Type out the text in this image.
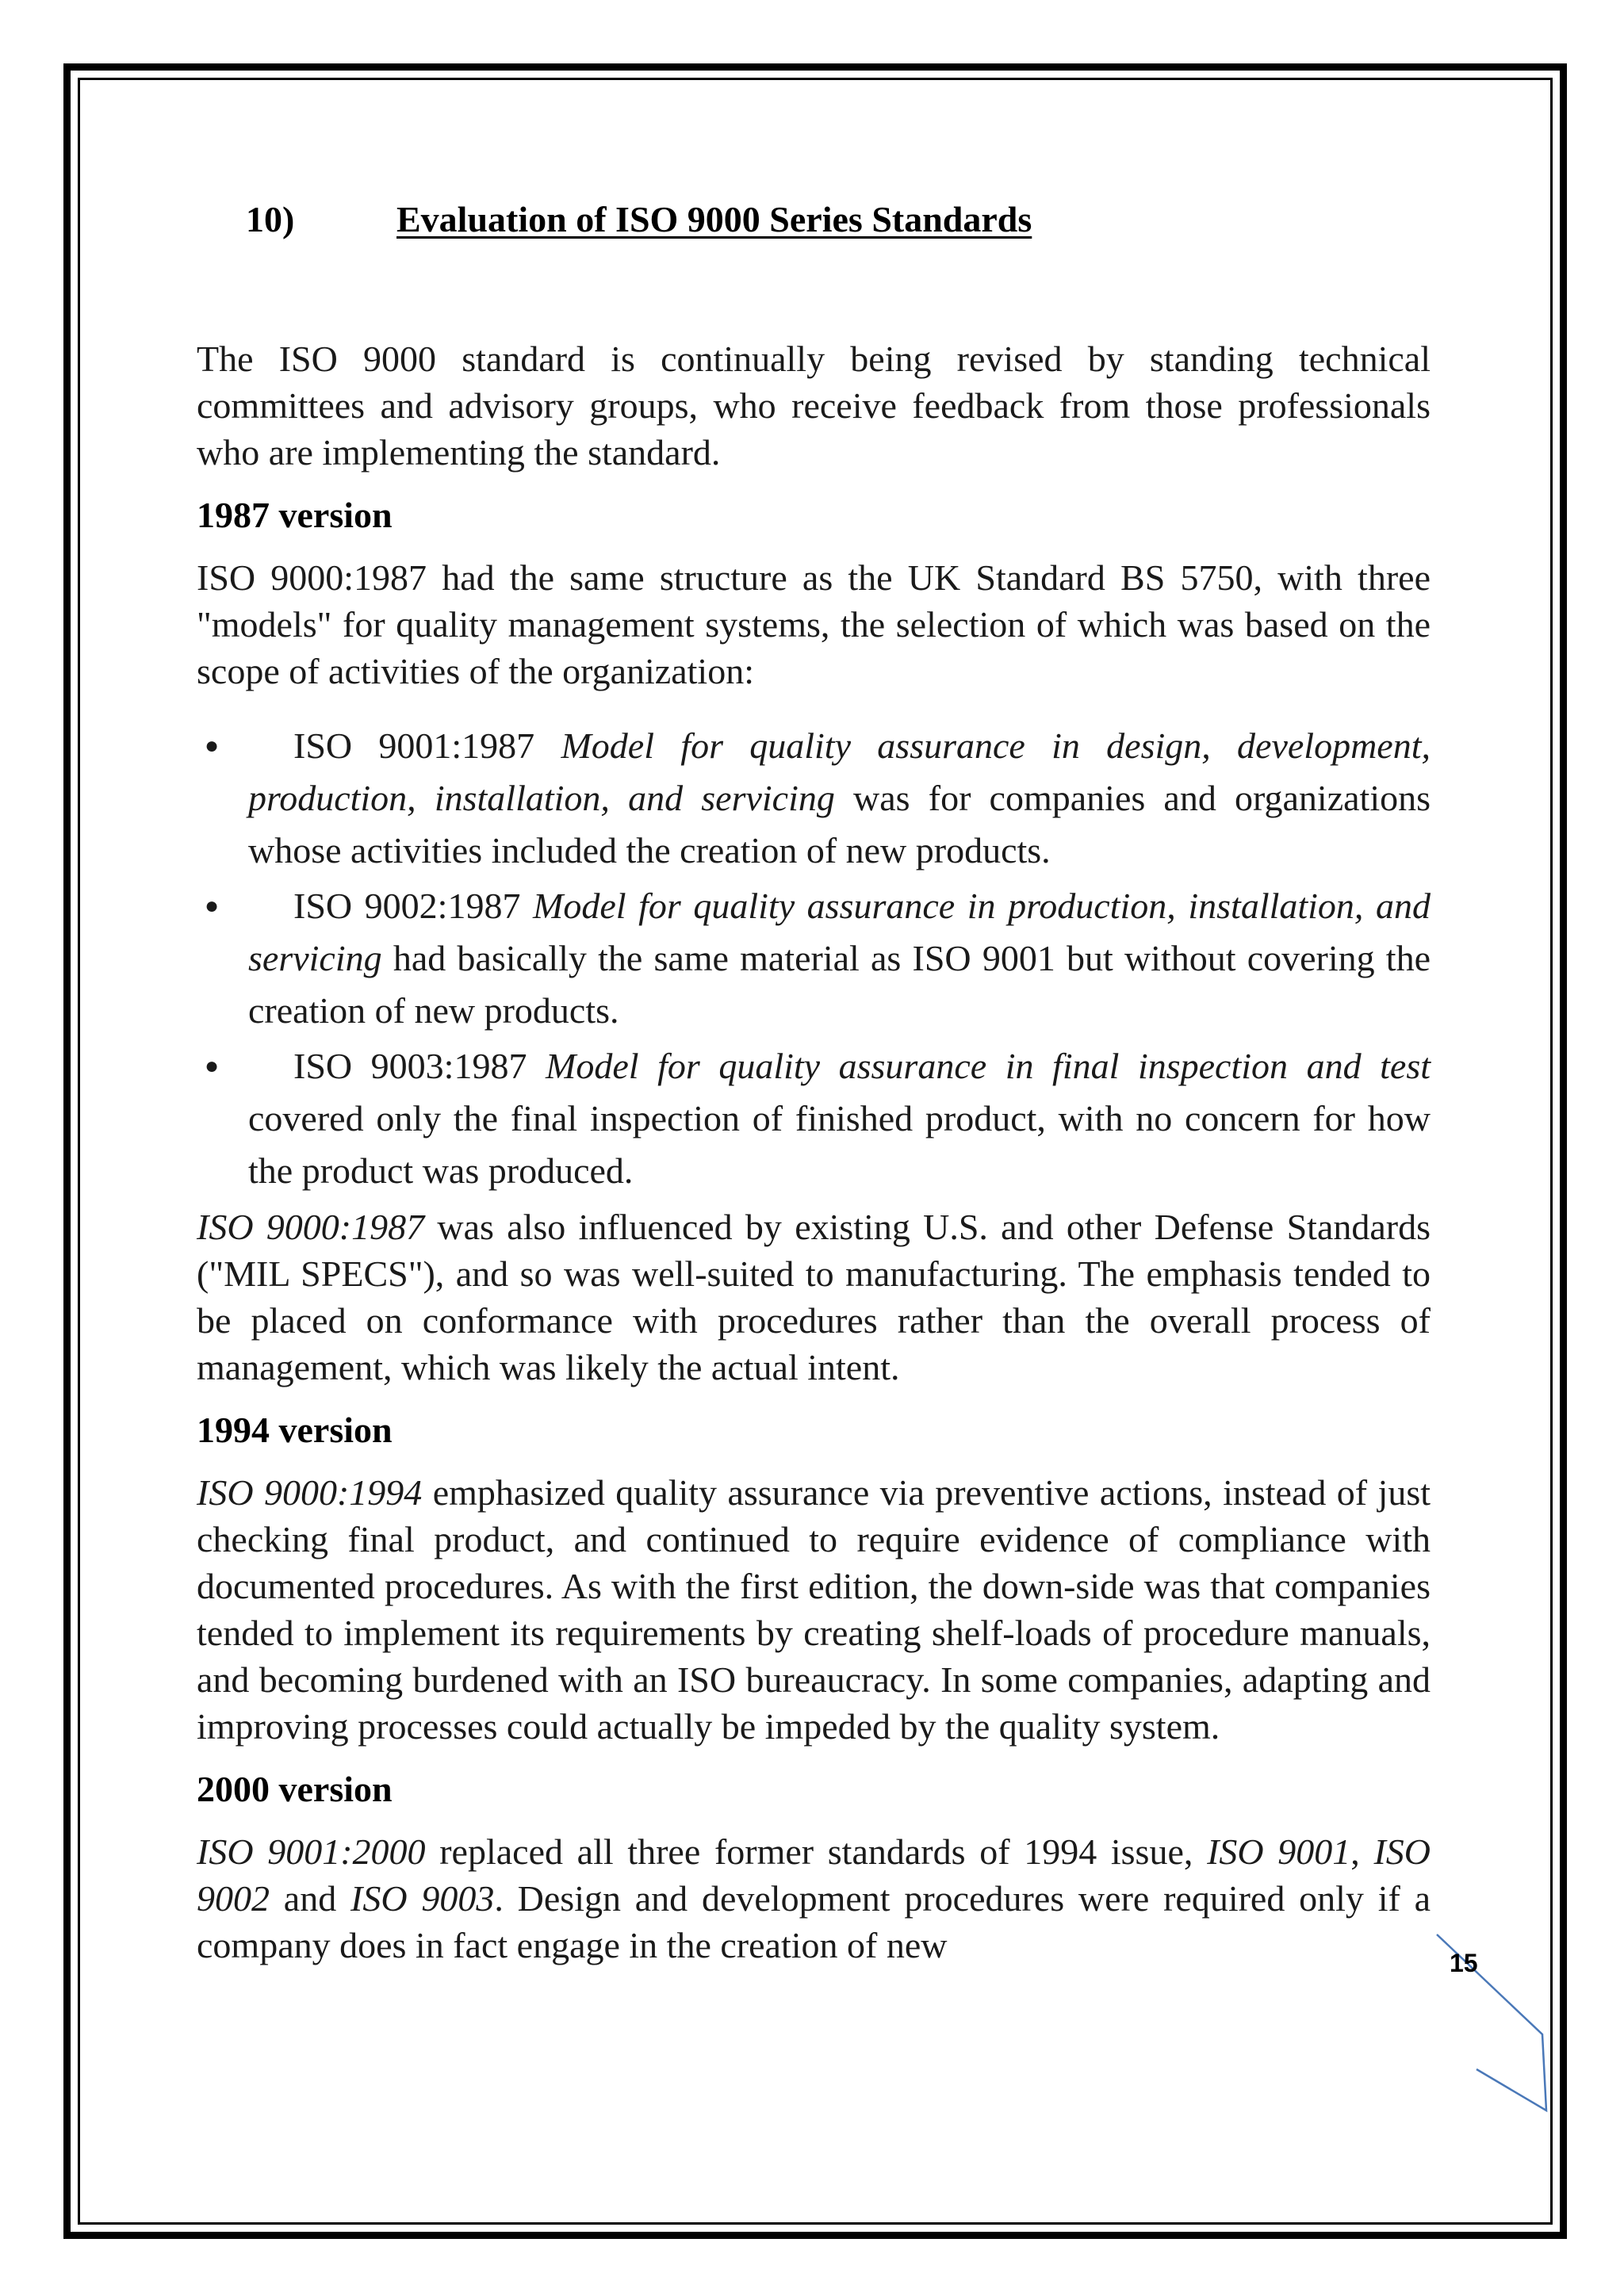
10)	Evaluation of ISO 9000 Series Standards

The ISO 9000 standard is continually being revised by standing technical committees and advisory groups, who receive feedback from those professionals who are implementing the standard.

1987 version

ISO 9000:1987 had the same structure as the UK Standard BS 5750, with three "models" for quality management systems, the selection of which was based on the scope of activities of the organization:

● ISO 9001:1987 Model for quality assurance in design, development, production, installation, and servicing was for companies and organizations whose activities included the creation of new products.
● ISO 9002:1987 Model for quality assurance in production, installation, and servicing had basically the same material as ISO 9001 but without covering the creation of new products.
● ISO 9003:1987 Model for quality assurance in final inspection and test covered only the final inspection of finished product, with no concern for how the product was produced.

ISO 9000:1987 was also influenced by existing U.S. and other Defense Standards ("MIL SPECS"), and so was well-suited to manufacturing. The emphasis tended to be placed on conformance with procedures rather than the overall process of management, which was likely the actual intent.

1994 version

ISO 9000:1994 emphasized quality assurance via preventive actions, instead of just checking final product, and continued to require evidence of compliance with documented procedures. As with the first edition, the down-side was that companies tended to implement its requirements by creating shelf-loads of procedure manuals, and becoming burdened with an ISO bureaucracy. In some companies, adapting and improving processes could actually be impeded by the quality system.

2000 version

ISO 9001:2000 replaced all three former standards of 1994 issue, ISO 9001, ISO 9002 and ISO 9003. Design and development procedures were required only if a company does in fact engage in the creation of new	15
